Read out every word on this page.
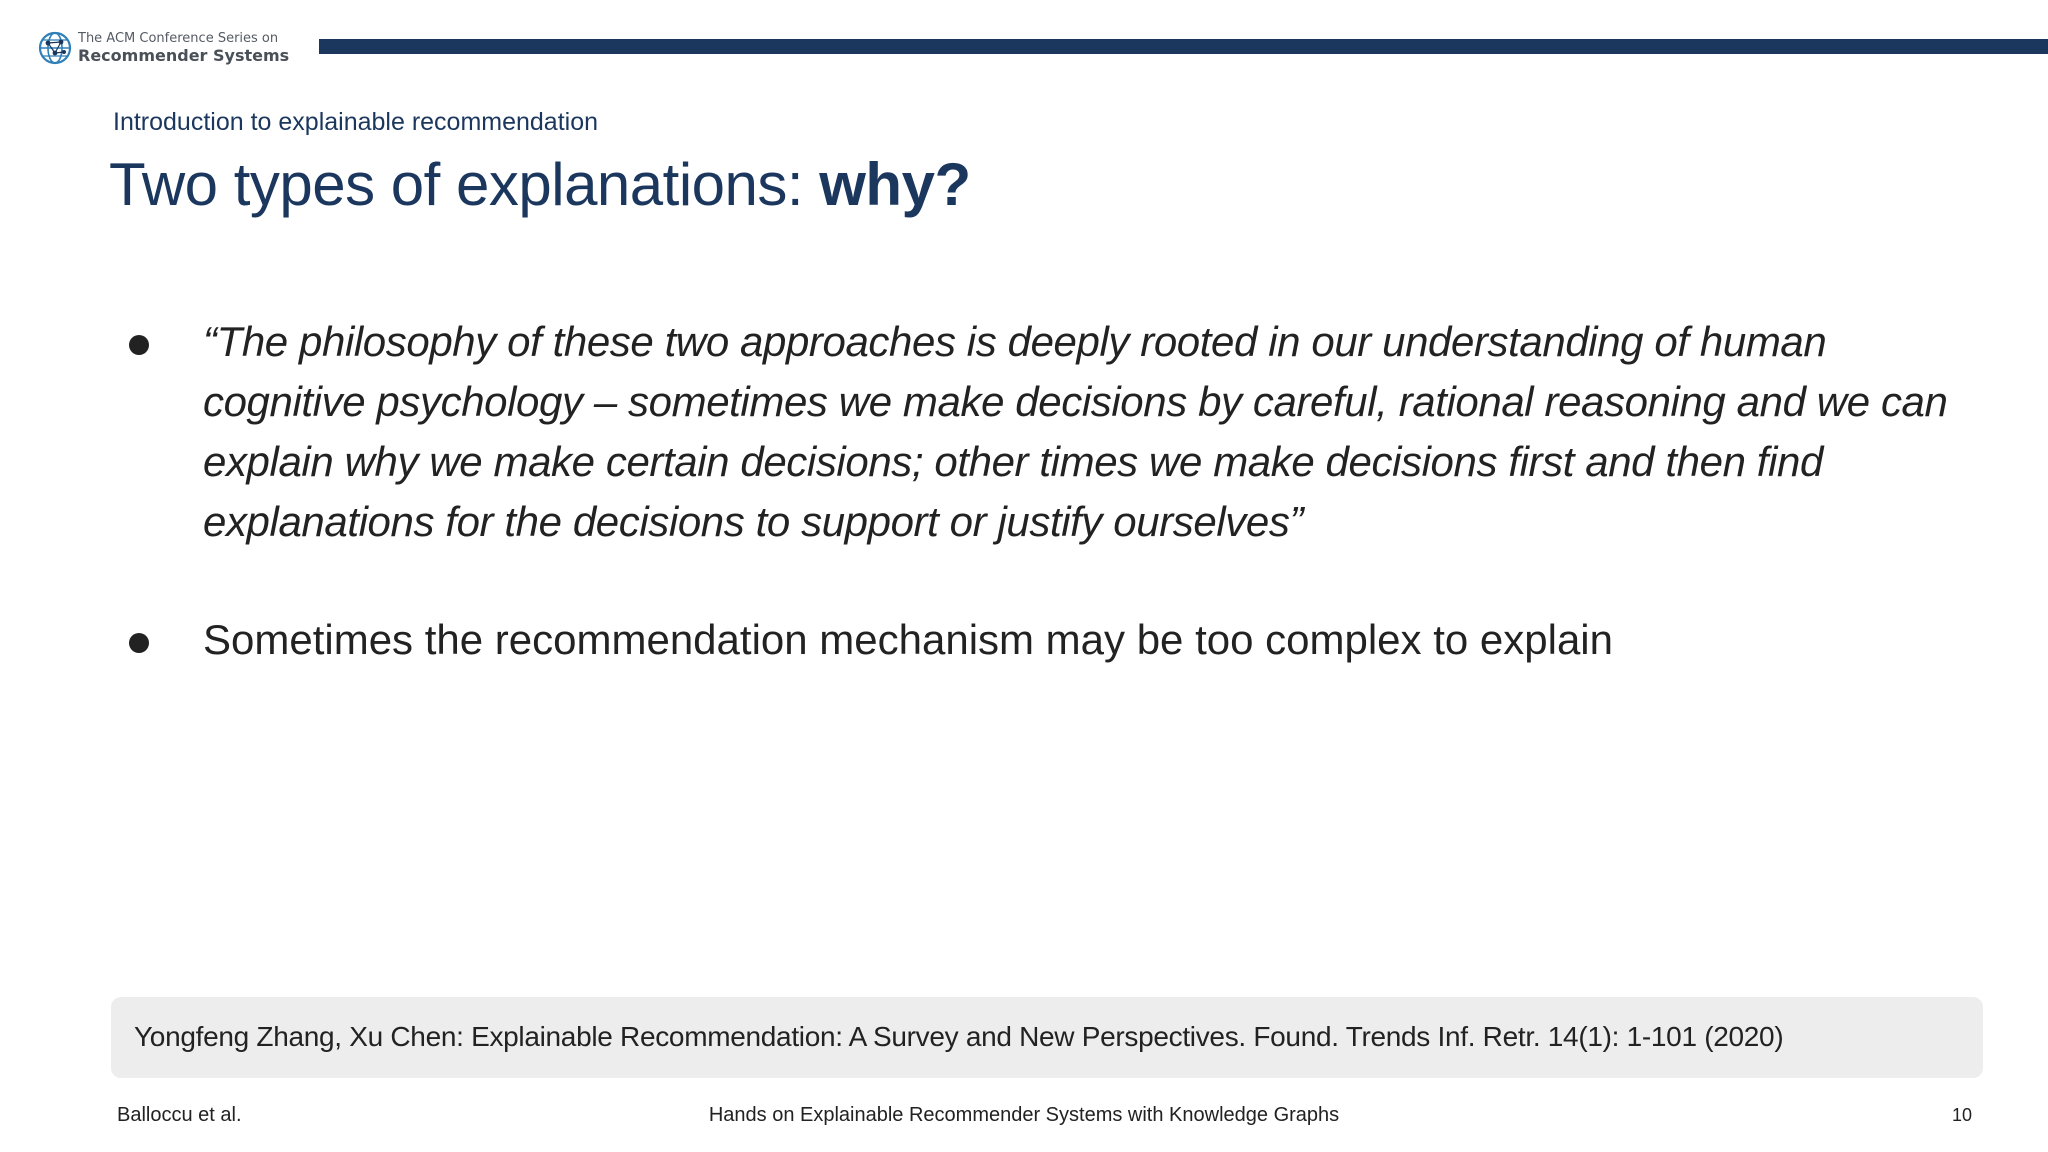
The ACM Conference Series on
Recommender Systems
Introduction to explainable recommendation
Two types of explanations: why?
“The philosophy of these two approaches is deeply rooted in our understanding of human cognitive psychology – sometimes we make decisions by careful, rational reasoning and we can explain why we make certain decisions; other times we make decisions first and then find explanations for the decisions to support or justify ourselves”
Sometimes the recommendation mechanism may be too complex to explain
Yongfeng Zhang, Xu Chen: Explainable Recommendation: A Survey and New Perspectives. Found. Trends Inf. Retr. 14(1): 1-101 (2020)
Balloccu et al.	Hands on Explainable Recommender Systems with Knowledge Graphs	10
